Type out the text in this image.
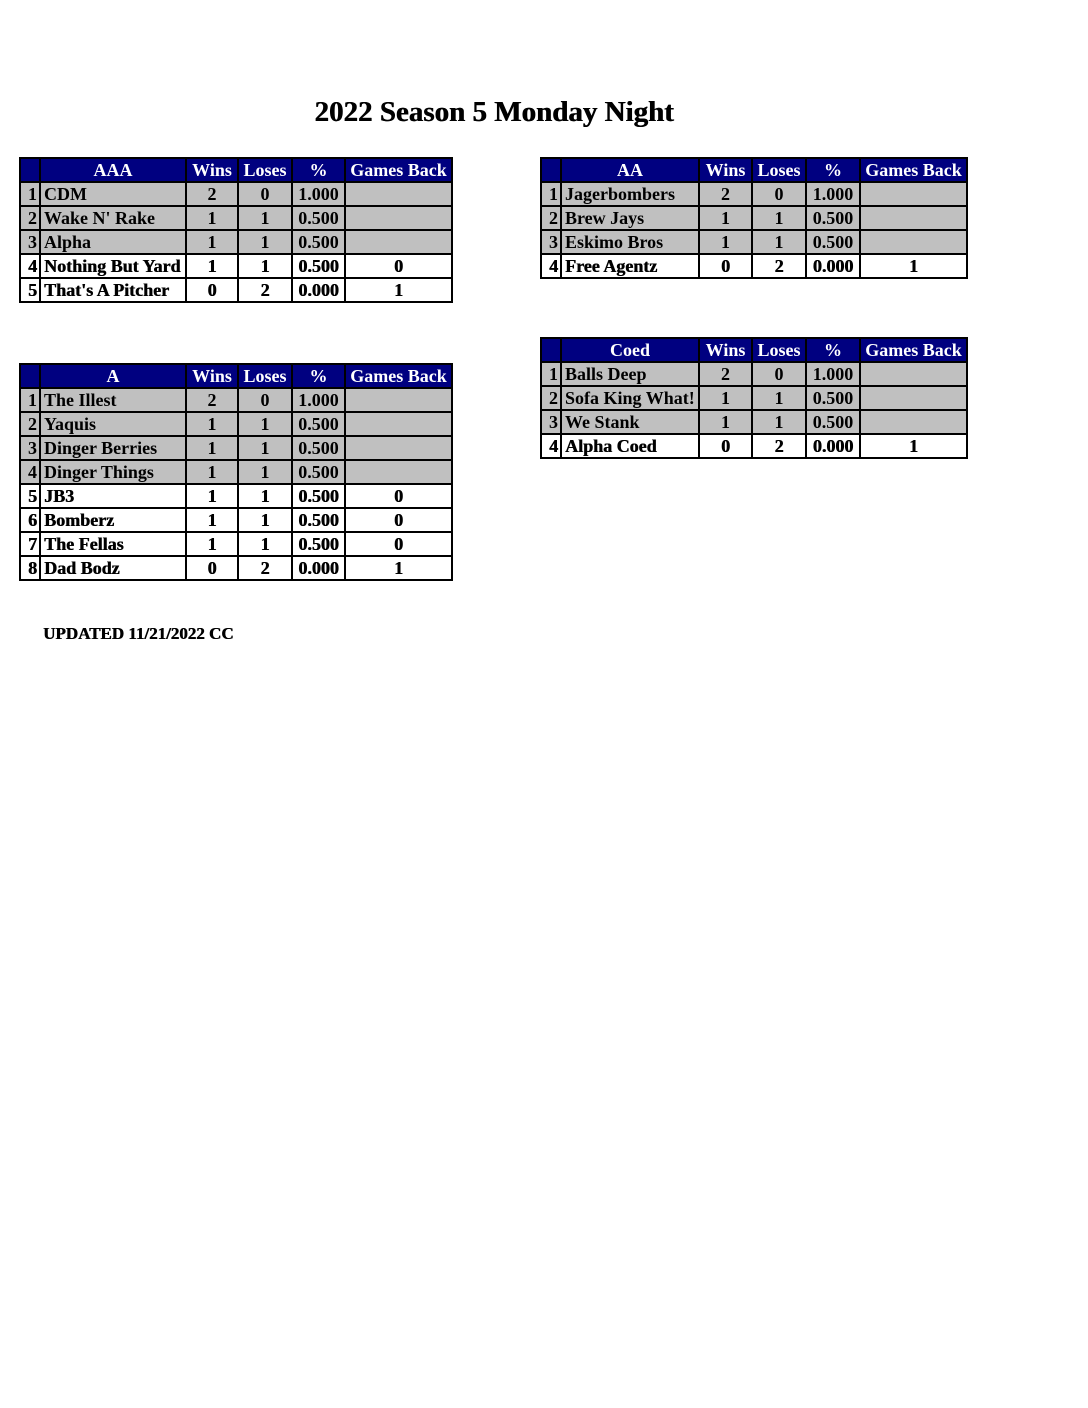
2022 Season 5 Monday Night
	AAA	Wins	Loses	%	Games Back
1	CDM	2	0	1.000	
2	Wake N' Rake	1	1	0.500	
3	Alpha	1	1	0.500	
4	Nothing But Yard	1	1	0.500	0
5	That's A Pitcher	0	2	0.000	1
	AA	Wins	Loses	%	Games Back
1	Jagerbombers	2	0	1.000	
2	Brew Jays	1	1	0.500	
3	Eskimo Bros	1	1	0.500	
4	Free Agentz	0	2	0.000	1
	A	Wins	Loses	%	Games Back
1	The Illest	2	0	1.000	
2	Yaquis	1	1	0.500	
3	Dinger Berries	1	1	0.500	
4	Dinger Things	1	1	0.500	
5	JB3	1	1	0.500	0
6	Bomberz	1	1	0.500	0
7	The Fellas	1	1	0.500	0
8	Dad Bodz	0	2	0.000	1
	Coed	Wins	Loses	%	Games Back
1	Balls Deep	2	0	1.000	
2	Sofa King What!	1	1	0.500	
3	We Stank	1	1	0.500	
4	Alpha Coed	0	2	0.000	1
UPDATED 11/21/2022 CC
